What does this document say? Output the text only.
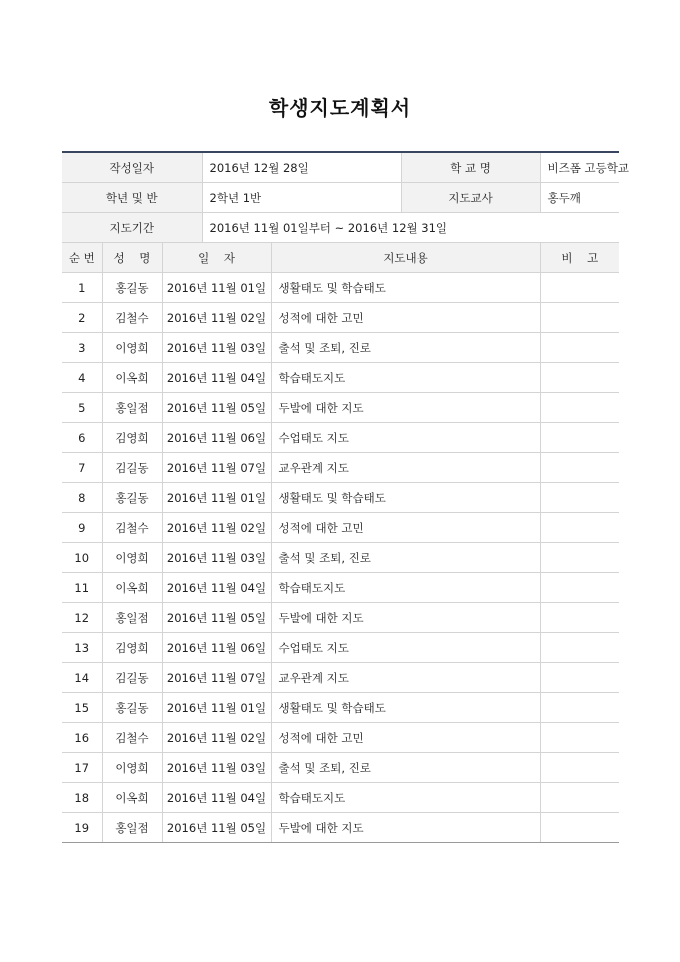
학생지도계획서
작성일자			2016년 12월 28일		학 교 명	비즈폼 고등학교
학년 및 반			2학년 1반		지도교사	홍두깨
지도기간			2016년 11월 01일부터 ~ 2016년 12월 31일			
순 번	성    명	일    자		지도내용		비    고
1	홍길동	2016년 11월 01일		생활태도 및 학습태도		
2	김철수	2016년 11월 02일		성적에 대한 고민		
3	이영희	2016년 11월 03일		출석 및 조퇴, 진로		
4	이옥희	2016년 11월 04일		학습태도지도		
5	홍일점	2016년 11월 05일		두발에 대한 지도		
6	김영희	2016년 11월 06일		수업태도 지도		
7	김길동	2016년 11월 07일		교우관계 지도		
8	홍길동	2016년 11월 01일		생활태도 및 학습태도		
9	김철수	2016년 11월 02일		성적에 대한 고민		
10	이영희	2016년 11월 03일		출석 및 조퇴, 진로		
11	이옥희	2016년 11월 04일		학습태도지도		
12	홍일점	2016년 11월 05일		두발에 대한 지도		
13	김영희	2016년 11월 06일		수업태도 지도		
14	김길동	2016년 11월 07일		교우관계 지도		
15	홍길동	2016년 11월 01일		생활태도 및 학습태도		
16	김철수	2016년 11월 02일		성적에 대한 고민		
17	이영희	2016년 11월 03일		출석 및 조퇴, 진로		
18	이옥희	2016년 11월 04일		학습태도지도		
19	홍일점	2016년 11월 05일		두발에 대한 지도		
